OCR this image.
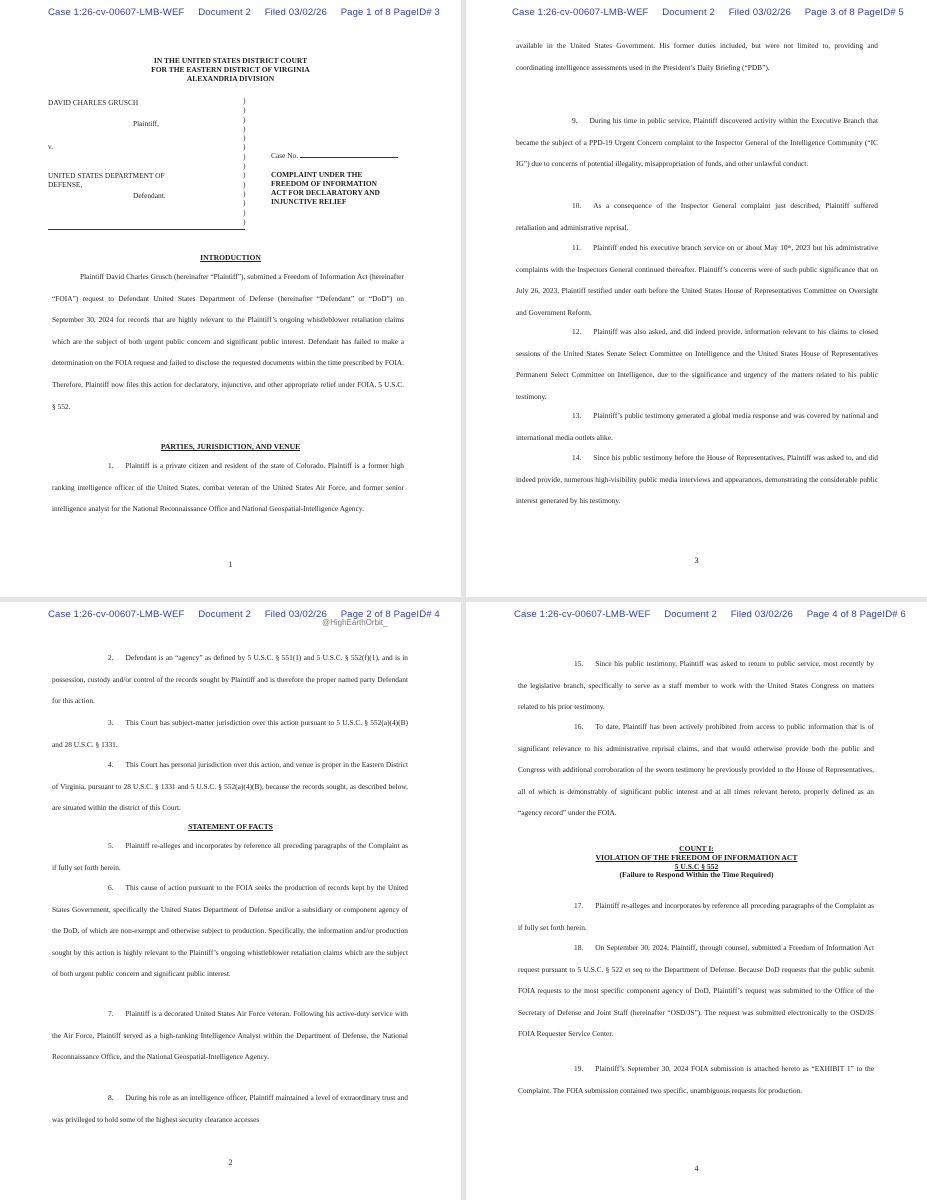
Case 1:26-cv-00607-LMB-WEF Document 2 Filed 03/02/26 Page 1 of 8 PageID# 3
IN THE UNITED STATES DISTRICT COURT
FOR THE EASTERN DISTRICT OF VIRGINIA
ALEXANDRIA DIVISION
DAVID CHARLES GRUSCH
Plaintiff,
v.
UNITED STATES DEPARTMENT OF
DEFENSE,
Defendant.
)
)
)
)
)
)
)
)
)
)
)
)
)
)
Case No.
COMPLAINT UNDER THE
FREEDOM OF INFORMATION
ACT FOR DECLARATORY AND
INJUNCTIVE RELIEF
INTRODUCTION
Plaintiff David Charles Grusch (hereinafter “Plaintiff”), submitted a Freedom of Information Act (hereinafter “FOIA”) request to Defendant United States Department of Defense (hereinafter “Defendant” or “DoD”) on September 30, 2024 for records that are highly relevant to the Plaintiff’s ongoing whistleblower retaliation claims which are the subject of both urgent public concern and significant public interest. Defendant has failed to make a determination on the FOIA request and failed to disclose the requested documents within the time prescribed by FOIA. Therefore, Plaintiff now files this action for declaratory, injunctive, and other appropriate relief under FOIA, 5 U.S.C. § 552.
PARTIES, JURISDICTION, AND VENUE
1. Plaintiff is a private citizen and resident of the state of Colorado. Plaintiff is a former high ranking intelligence officer of the United States, combat veteran of the United States Air Force, and former senior intelligence analyst for the National Reconnaissance Office and National Geospatial-Intelligence Agency.
1
Case 1:26-cv-00607-LMB-WEF Document 2 Filed 03/02/26 Page 3 of 8 PageID# 5
available in the United States Government. His former duties included, but were not limited to, providing and coordinating intelligence assessments used in the President’s Daily Briefing (“PDB”).
9. During his time in public service, Plaintiff discovered activity within the Executive Branch that became the subject of a PPD-19 Urgent Concern complaint to the Inspector General of the Intelligence Community (“IC IG”) due to concerns of potential illegality, misappropriation of funds, and other unlawful conduct.
10. As a consequence of the Inspector General complaint just described, Plaintiff suffered retaliation and administrative reprisal.
11. Plaintiff ended his executive branch service on or about May 10ᵗʰ, 2023 but his administrative complaints with the Inspectors General continued thereafter. Plaintiff’s concerns were of such public significance that on July 26, 2023, Plaintiff testified under oath before the United States House of Representatives Committee on Oversight and Government Reform.
12. Plaintiff was also asked, and did indeed provide, information relevant to his claims to closed sessions of the United States Senate Select Committee on Intelligence and the United States House of Representatives Permanent Select Committee on Intelligence, due to the significance and urgency of the matters related to his public testimony.
13. Plaintiff’s public testimony generated a global media response and was covered by national and international media outlets alike.
14. Since his public testimony before the House of Representatives, Plaintiff was asked to, and did indeed provide, numerous high-visibility public media interviews and appearances, demonstrating the considerable public interest generated by his testimony.
3
Case 1:26-cv-00607-LMB-WEF Document 2 Filed 03/02/26 Page 2 of 8 PageID# 4
@HighEarthOrbit_
2. Defendant is an “agency” as defined by 5 U.S.C. § 551(1) and 5 U.S.C. § 552(f)(1), and is in possession, custody and/or control of the records sought by Plaintiff and is therefore the proper named party Defendant for this action.
3. This Court has subject-matter jurisdiction over this action pursuant to 5 U.S.C. § 552(a)(4)(B) and 28 U.S.C. § 1331.
4. This Court has personal jurisdiction over this action, and venue is proper in the Eastern District of Virginia, pursuant to 28 U.S.C. § 1331 and 5 U.S.C. § 552(a)(4)(B), because the records sought, as described below, are situated within the district of this Court.
STATEMENT OF FACTS
5. Plaintiff re-alleges and incorporates by reference all preceding paragraphs of the Complaint as if fully set forth herein.
6. This cause of action pursuant to the FOIA seeks the production of records kept by the United States Government, specifically the United States Department of Defense and/or a subsidiary or component agency of the DoD, of which are non-exempt and otherwise subject to production. Specifically, the information and/or production sought by this action is highly relevant to the Plaintiff’s ongoing whistleblower retaliation claims which are the subject of both urgent public concern and significant public interest.
7. Plaintiff is a decorated United States Air Force veteran. Following his active-duty service with the Air Force, Plaintiff served as a high-ranking Intelligence Analyst within the Department of Defense, the National Reconnaissance Office, and the National Geospatial-Intelligence Agency.
8. During his role as an intelligence officer, Plaintiff maintained a level of extraordinary trust and was privileged to hold some of the highest security clearance accesses
2
Case 1:26-cv-00607-LMB-WEF Document 2 Filed 03/02/26 Page 4 of 8 PageID# 6
15. Since his public testimony, Plaintiff was asked to return to public service, most recently by the legislative branch, specifically to serve as a staff member to work with the United States Congress on matters related to his prior testimony.
16. To date, Plaintiff has been actively prohibited from access to public information that is of significant relevance to his administrative reprisal claims, and that would otherwise provide both the public and Congress with additional corroboration of the sworn testimony he previously provided to the House of Representatives, all of which is demonstrably of significant public interest and at all times relevant hereto, properly defined as an “agency record” under the FOIA.
COUNT I:
VIOLATION OF THE FREEDOM OF INFORMATION ACT
5 U.S.C § 552
(Failure to Respond Within the Time Required)
17. Plaintiff re-alleges and incorporates by reference all preceding paragraphs of the Complaint as if fully set forth herein.
18. On September 30, 2024, Plaintiff, through counsel, submitted a Freedom of Information Act request pursuant to 5 U.S.C. § 522 et seq to the Department of Defense. Because DoD requests that the public submit FOIA requests to the most specific component agency of DoD, Plaintiff’s request was submitted to the Office of the Secretary of Defense and Joint Staff (hereinafter “OSD/JS”). The request was submitted electronically to the OSD/JS FOIA Requester Service Center.
19. Plaintiff’s September 30, 2024 FOIA submission is attached hereto as “EXHIBIT 1” to the Complaint. The FOIA submission contained two specific, unambiguous requests for production.
4
